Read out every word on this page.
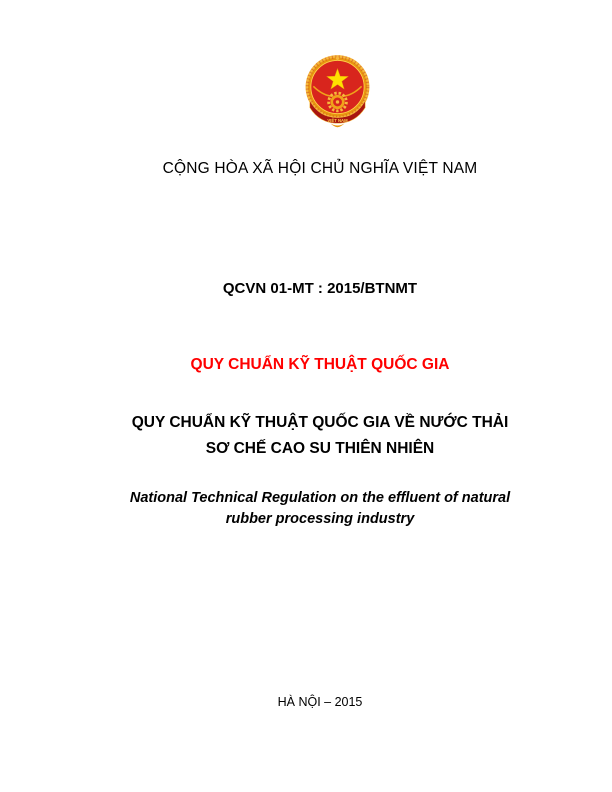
VIỆT NAM
CỘNG HÒA XÃ HỘI CHỦ NGHĨA VIỆT NAM
QCVN 01-MT : 2015/BTNMT
QUY CHUẨN KỸ THUẬT QUỐC GIA
QUY CHUẨN KỸ THUẬT QUỐC GIA VỀ NƯỚC THẢI
SƠ CHẾ CAO SU THIÊN NHIÊN
National Technical Regulation on the effluent of natural
rubber processing industry
HÀ NỘI – 2015
